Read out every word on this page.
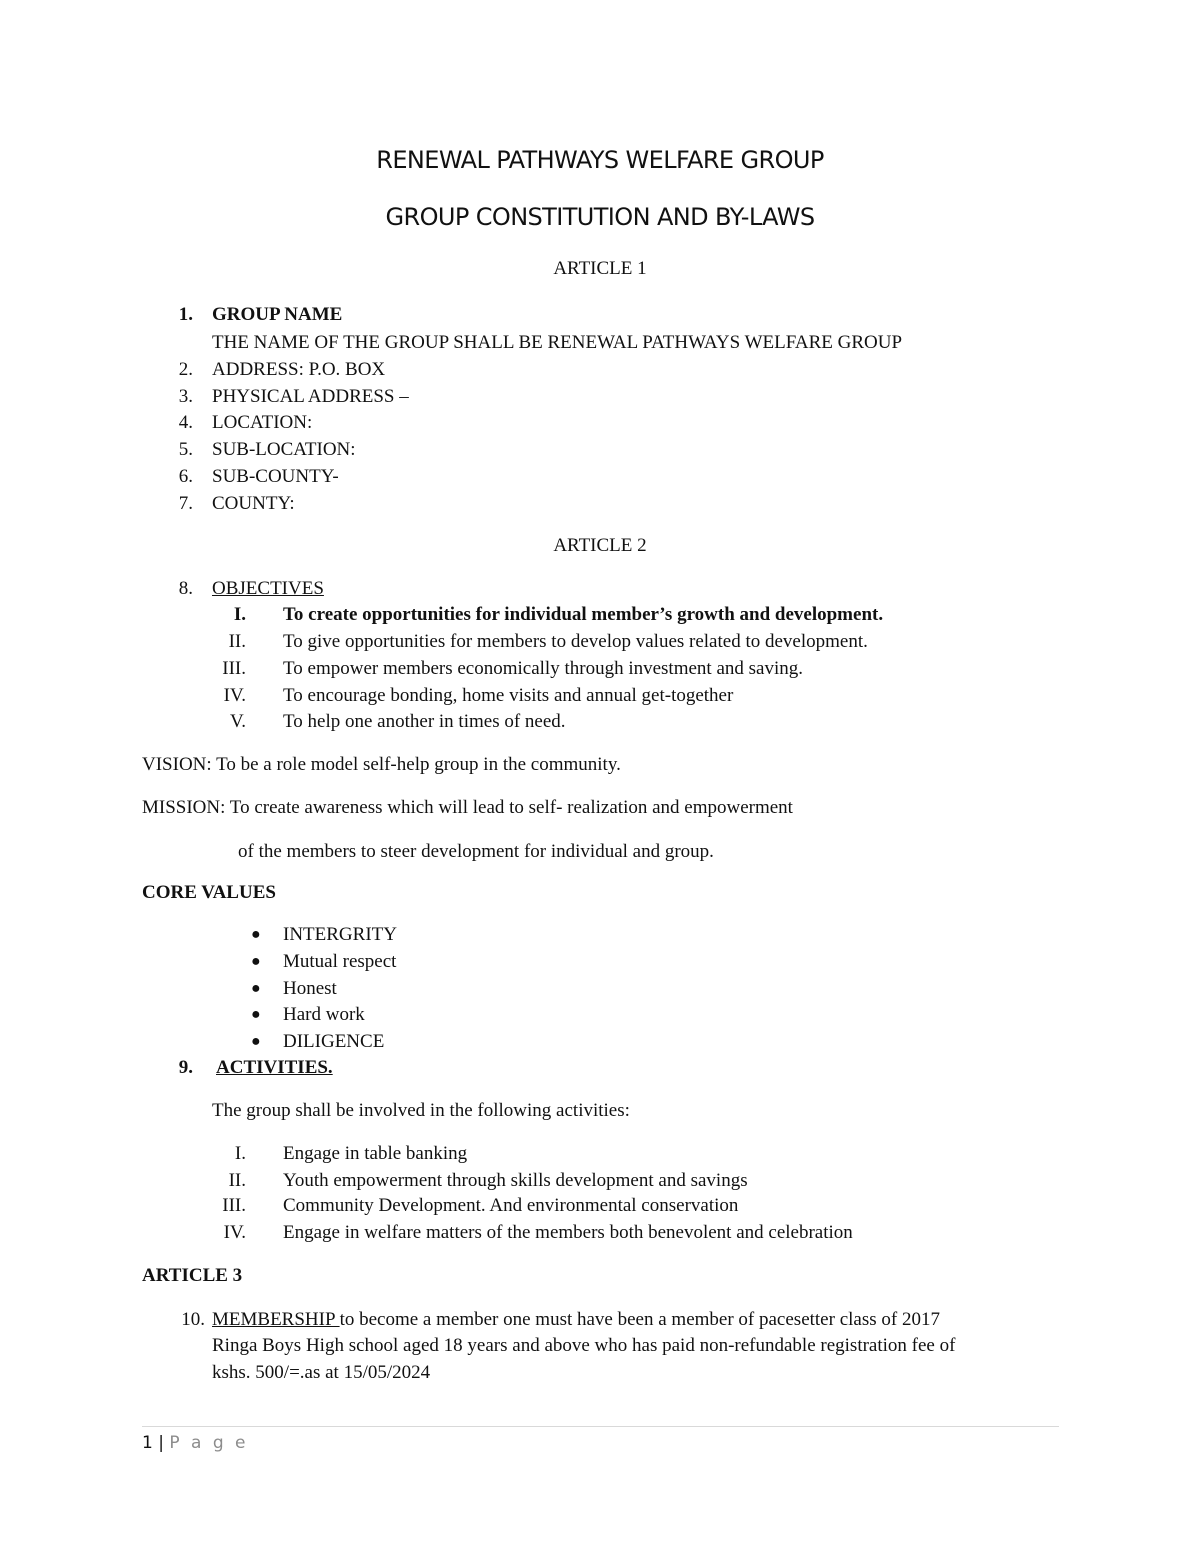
RENEWAL PATHWAYS WELFARE GROUP
GROUP CONSTITUTION AND BY-LAWS
ARTICLE 1
1. GROUP NAME
THE NAME OF THE GROUP SHALL BE RENEWAL PATHWAYS WELFARE GROUP
2. ADDRESS: P.O. BOX
3. PHYSICAL ADDRESS –
4. LOCATION:
5. SUB-LOCATION:
6. SUB-COUNTY-
7. COUNTY:
ARTICLE 2
8. OBJECTIVES
I. To create opportunities for individual member’s growth and development.
II. To give opportunities for members to develop values related to development.
III. To empower members economically through investment and saving.
IV. To encourage bonding, home visits and annual get-together
V. To help one another in times of need.
VISION: To be a role model self-help group in the community.
MISSION: To create awareness which will lead to self- realization and empowerment
of the members to steer development for individual and group.
CORE VALUES
● INTERGRITY
● Mutual respect
● Honest
● Hard work
● DILIGENCE
9. ACTIVITIES.
The group shall be involved in the following activities:
I. Engage in table banking
II. Youth empowerment through skills development and savings
III. Community Development. And environmental conservation
IV. Engage in welfare matters of the members both benevolent and celebration
ARTICLE 3
10. MEMBERSHIP to become a member one must have been a member of pacesetter class of 2017
Ringa Boys High school aged 18 years and above who has paid non-refundable registration fee of
kshs. 500/=.as at 15/05/2024
1 | P a g e
